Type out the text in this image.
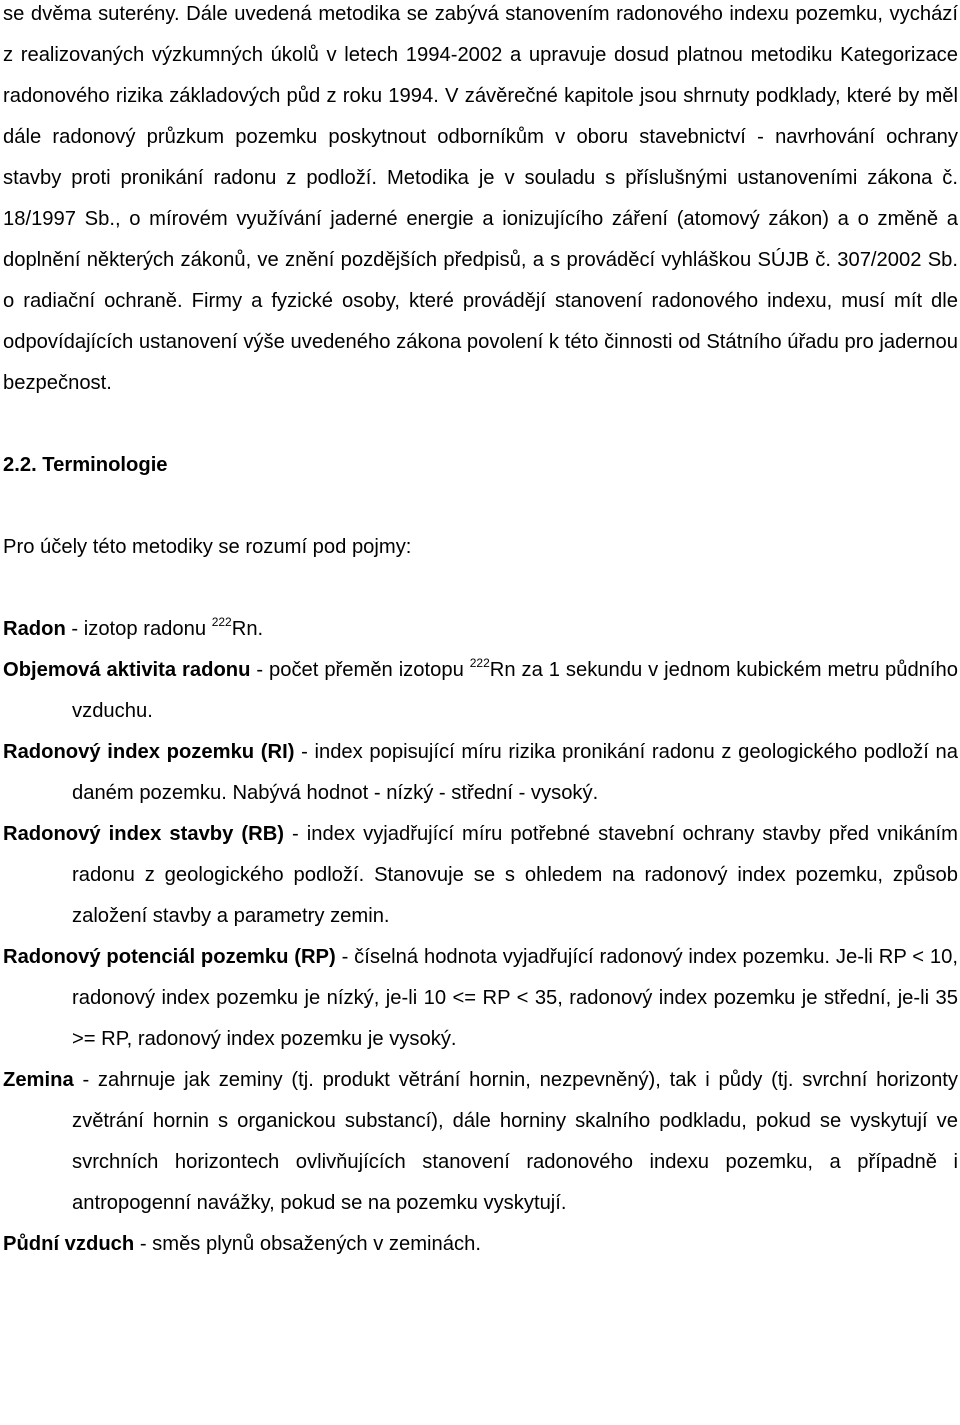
se dvěma suterény. Dále uvedená metodika se zabývá stanovením radonového indexu pozemku, vychází z realizovaných výzkumných úkolů v letech 1994-2002 a upravuje dosud platnou metodiku Kategorizace radonového rizika základových půd z roku 1994. V závěrečné kapitole jsou shrnuty podklady, které by měl dále radonový průzkum pozemku poskytnout odborníkům v oboru stavebnictví - navrhování ochrany stavby proti pronikání radonu z podloží. Metodika je v souladu s příslušnými ustanoveními zákona č. 18/1997 Sb., o mírovém využívání jaderné energie a ionizujícího záření (atomový zákon) a o změně a doplnění některých zákonů, ve znění pozdějších předpisů, a s prováděcí vyhláškou SÚJB č. 307/2002 Sb. o radiační ochraně. Firmy a fyzické osoby, které provádějí stanovení radonového indexu, musí mít dle odpovídajících ustanovení výše uvedeného zákona povolení k této činnosti od Státního úřadu pro jadernou bezpečnost.

2.2. Terminologie

Pro účely této metodiky se rozumí pod pojmy:

Radon - izotop radonu $^{222}$Rn.

Objemová aktivita radonu - počet přeměn izotopu $^{222}$Rn za 1 sekundu v jednom kubickém metru půdního vzduchu.

Radonový index pozemku (RI) - index popisující míru rizika pronikání radonu z geologického podloží na daném pozemku. Nabývá hodnot - nízký - střední - vysoký.

Radonový index stavby (RB) - index vyjadřující míru potřebné stavební ochrany stavby před vnikáním radonu z geologického podloží. Stanovuje se s ohledem na radonový index pozemku, způsob založení stavby a parametry zemin.

Radonový potenciál pozemku (RP) - číselná hodnota vyjadřující radonový index pozemku. Je-li RP < 10, radonový index pozemku je nízký, je-li 10 <= RP < 35, radonový index pozemku je střední, je-li 35 >= RP, radonový index pozemku je vysoký.

Zemina - zahrnuje jak zeminy (tj. produkt větrání hornin, nezpevněný), tak i půdy (tj. svrchní horizonty zvětrání hornin s organickou substancí), dále horniny skalního podkladu, pokud se vyskytují ve svrchních horizontech ovlivňujících stanovení radonového indexu pozemku, a případně i antropogenní navážky, pokud se na pozemku vyskytují.

Půdní vzduch - směs plynů obsažených v zeminách.
